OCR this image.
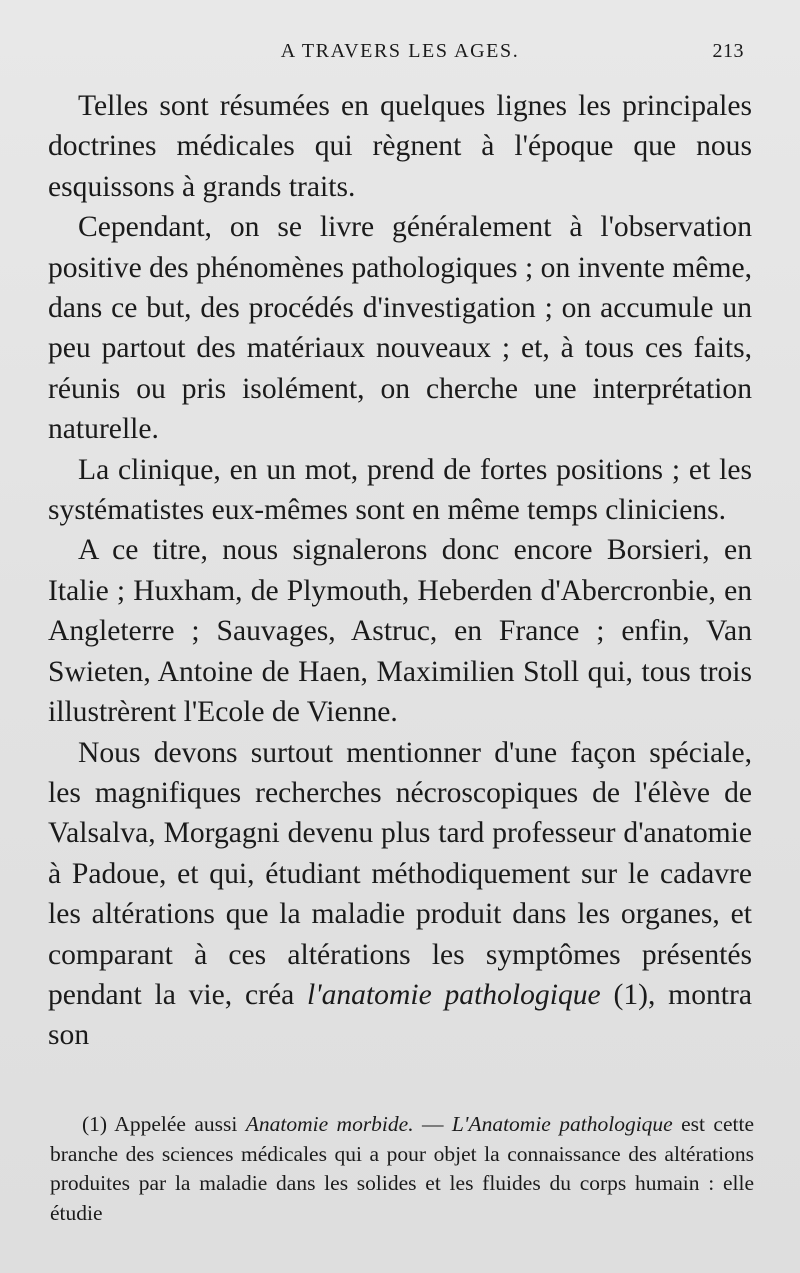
A TRAVERS LES AGES.	213

Telles sont résumées en quelques lignes les principales doctrines médicales qui règnent à l'époque que nous esquissons à grands traits.

Cependant, on se livre généralement à l'observation positive des phénomènes pathologiques ; on invente même, dans ce but, des procédés d'investigation ; on accumule un peu partout des matériaux nouveaux ; et, à tous ces faits, réunis ou pris isolément, on cherche une interprétation naturelle.

La clinique, en un mot, prend de fortes positions ; et les systématistes eux-mêmes sont en même temps cliniciens.

A ce titre, nous signalerons donc encore Borsieri, en Italie ; Huxham, de Plymouth, Heberden d'Abercronbie, en Angleterre ; Sauvages, Astruc, en France ; enfin, Van Swieten, Antoine de Haen, Maximilien Stoll qui, tous trois illustrèrent l'Ecole de Vienne.

Nous devons surtout mentionner d'une façon spéciale, les magnifiques recherches nécroscopiques de l'élève de Valsalva, Morgagni devenu plus tard professeur d'anatomie à Padoue, et qui, étudiant méthodiquement sur le cadavre les altérations que la maladie produit dans les organes, et comparant à ces altérations les symptômes présentés pendant la vie, créa l'anatomie pathologique (1), montra son

(1) Appelée aussi Anatomie morbide. — L'Anatomie pathologique est cette branche des sciences médicales qui a pour objet la connaissance des altérations produites par la maladie dans les solides et les fluides du corps humain : elle étudie
